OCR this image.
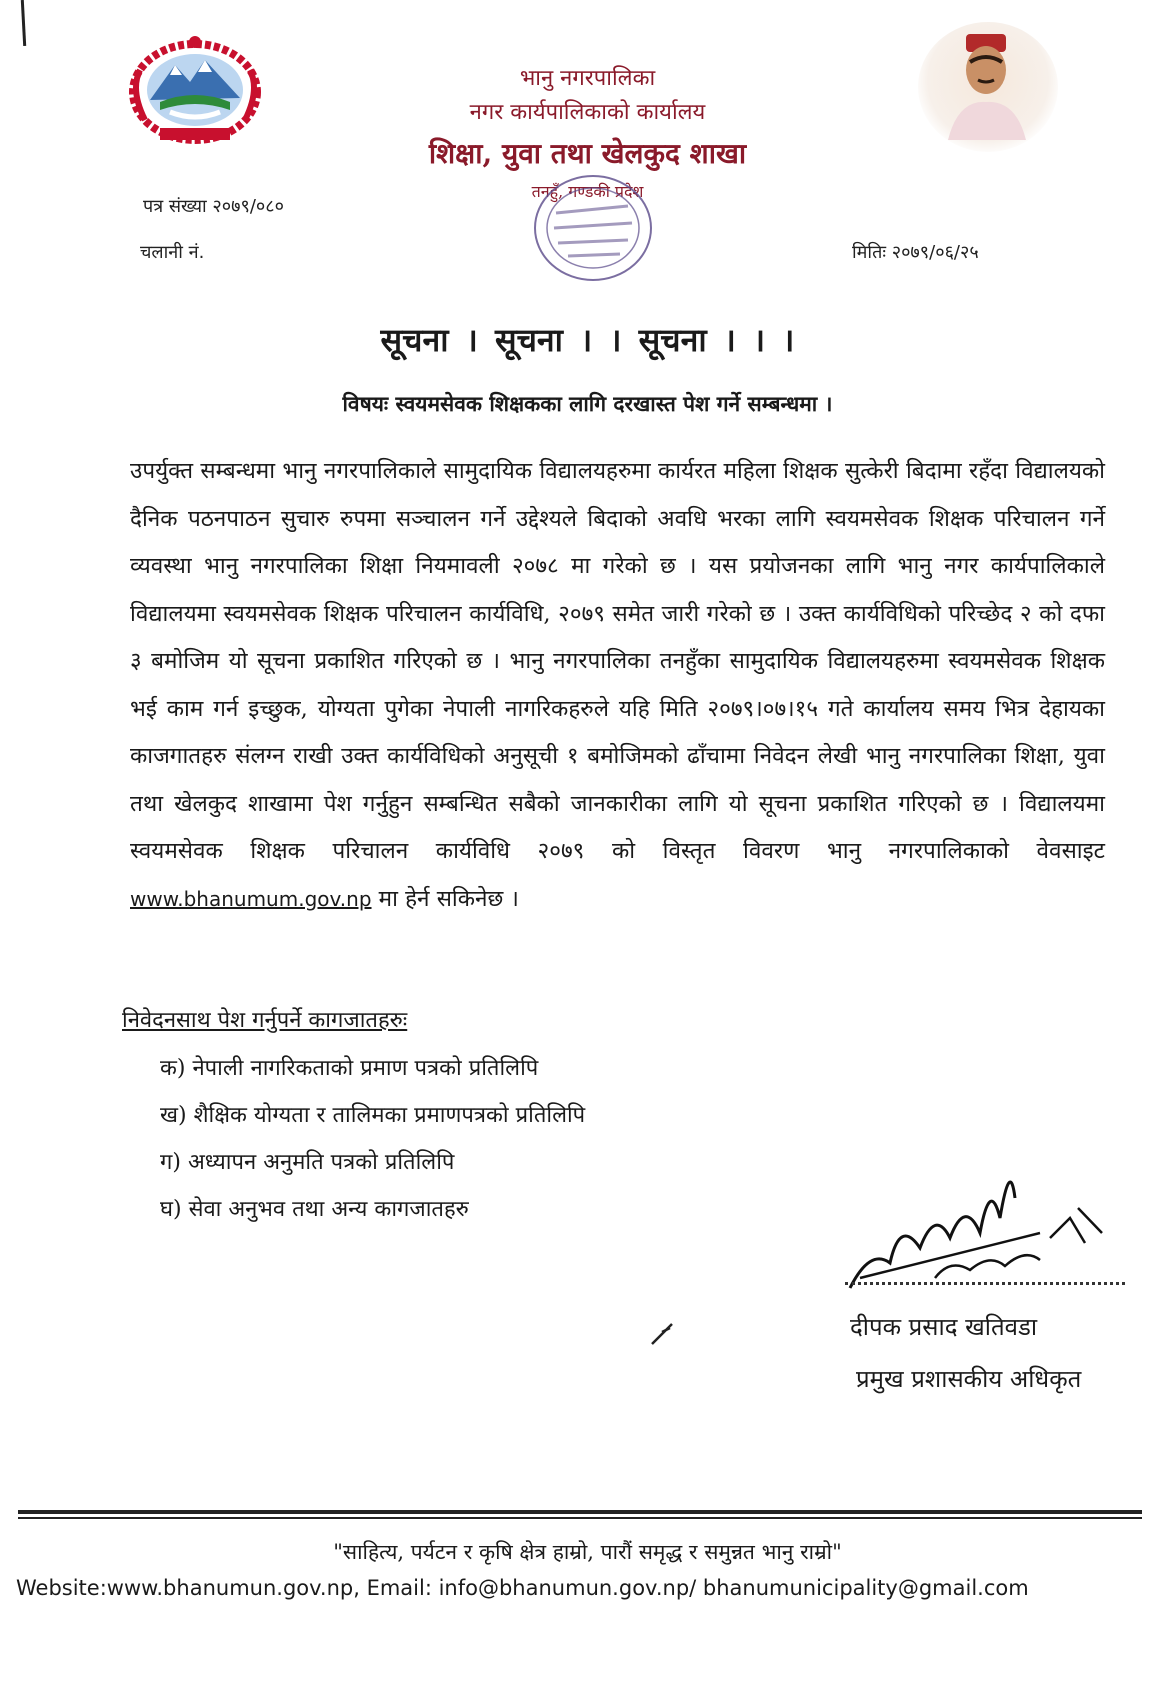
भानु नगरपालिका
नगर कार्यपालिकाको कार्यालय
शिक्षा, युवा तथा खेलकुद शाखा
तनहुँ, गण्डकी प्रदेश
पत्र संख्या २०७९/०८०
चलानी नं.	मितिः २०७९/०६/२५
सूचना । सूचना । । सूचना । । ।
विषयः स्वयमसेवक शिक्षकका लागि दरखास्त पेश गर्ने सम्बन्धमा ।
उपर्युक्त सम्बन्धमा भानु नगरपालिकाले सामुदायिक विद्यालयहरुमा कार्यरत महिला शिक्षक सुत्केरी बिदामा रहँदा विद्यालयको दैनिक पठनपाठन सुचारु रुपमा सञ्चालन गर्ने उद्देश्यले बिदाको अवधि भरका लागि स्वयमसेवक शिक्षक परिचालन गर्ने व्यवस्था भानु नगरपालिका शिक्षा नियमावली २०७८ मा गरेको छ । यस प्रयोजनका लागि भानु नगर कार्यपालिकाले विद्यालयमा स्वयमसेवक शिक्षक परिचालन कार्यविधि, २०७९ समेत जारी गरेको छ । उक्त कार्यविधिको परिच्छेद २ को दफा ३ बमोजिम यो सूचना प्रकाशित गरिएको छ । भानु नगरपालिका तनहुँका सामुदायिक विद्यालयहरुमा स्वयमसेवक शिक्षक भई काम गर्न इच्छुक, योग्यता पुगेका नेपाली नागरिकहरुले यहि मिति २०७९।०७।१५ गते कार्यालय समय भित्र देहायका काजगातहरु संलग्न राखी उक्त कार्यविधिको अनुसूची १ बमोजिमको ढाँचामा निवेदन लेखी भानु नगरपालिका शिक्षा, युवा तथा खेलकुद शाखामा पेश गर्नुहुन सम्बन्धित सबैको जानकारीका लागि यो सूचना प्रकाशित गरिएको छ । विद्यालयमा स्वयमसेवक शिक्षक परिचालन कार्यविधि २०७९ को विस्तृत विवरण भानु नगरपालिकाको वेवसाइट www.bhanumum.gov.np मा हेर्न सकिनेछ ।
निवेदनसाथ पेश गर्नुपर्ने कागजातहरुः
क) नेपाली नागरिकताको प्रमाण पत्रको प्रतिलिपि
ख) शैक्षिक योग्यता र तालिमका प्रमाणपत्रको प्रतिलिपि
ग) अध्यापन अनुमति पत्रको प्रतिलिपि
घ) सेवा अनुभव तथा अन्य कागजातहरु
दीपक प्रसाद खतिवडा
प्रमुख प्रशासकीय अधिकृत
"साहित्य, पर्यटन र कृषि क्षेत्र हाम्रो, पारौं समृद्ध र समुन्नत भानु राम्रो"
Website:www.bhanumun.gov.np, Email: info@bhanumun.gov.np/ bhanumunicipality@gmail.com
